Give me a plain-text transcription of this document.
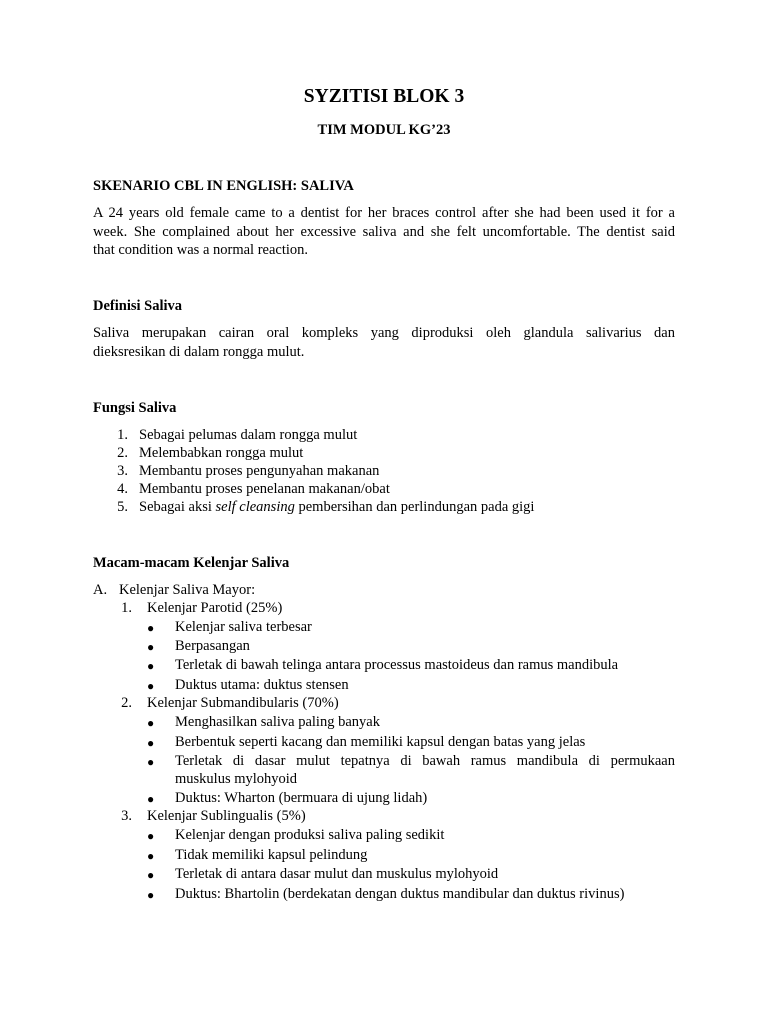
SYZITISI BLOK 3
TIM MODUL KG’23
SKENARIO CBL IN ENGLISH: SALIVA
A 24 years old female came to a dentist for her braces control after she had been used it for a
week. She complained about her excessive saliva and she felt uncomfortable. The dentist said
that condition was a normal reaction.
Definisi Saliva
Saliva merupakan cairan oral kompleks yang diproduksi oleh glandula salivarius dan
dieksresikan di dalam rongga mulut.
Fungsi Saliva
1. Sebagai pelumas dalam rongga mulut
2. Melembabkan rongga mulut
3. Membantu proses pengunyahan makanan
4. Membantu proses penelanan makanan/obat
5. Sebagai aksi self cleansing pembersihan dan perlindungan pada gigi
Macam-macam Kelenjar Saliva
A. Kelenjar Saliva Mayor:
1. Kelenjar Parotid (25%)
● Kelenjar saliva terbesar
● Berpasangan
● Terletak di bawah telinga antara processus mastoideus dan ramus mandibula
● Duktus utama: duktus stensen
2. Kelenjar Submandibularis (70%)
● Menghasilkan saliva paling banyak
● Berbentuk seperti kacang dan memiliki kapsul dengan batas yang jelas
● Terletak di dasar mulut tepatnya di bawah ramus mandibula di permukaan
muskulus mylohyoid
● Duktus: Wharton (bermuara di ujung lidah)
3. Kelenjar Sublingualis (5%)
● Kelenjar dengan produksi saliva paling sedikit
● Tidak memiliki kapsul pelindung
● Terletak di antara dasar mulut dan muskulus mylohyoid
● Duktus: Bhartolin (berdekatan dengan duktus mandibular dan duktus rivinus)
